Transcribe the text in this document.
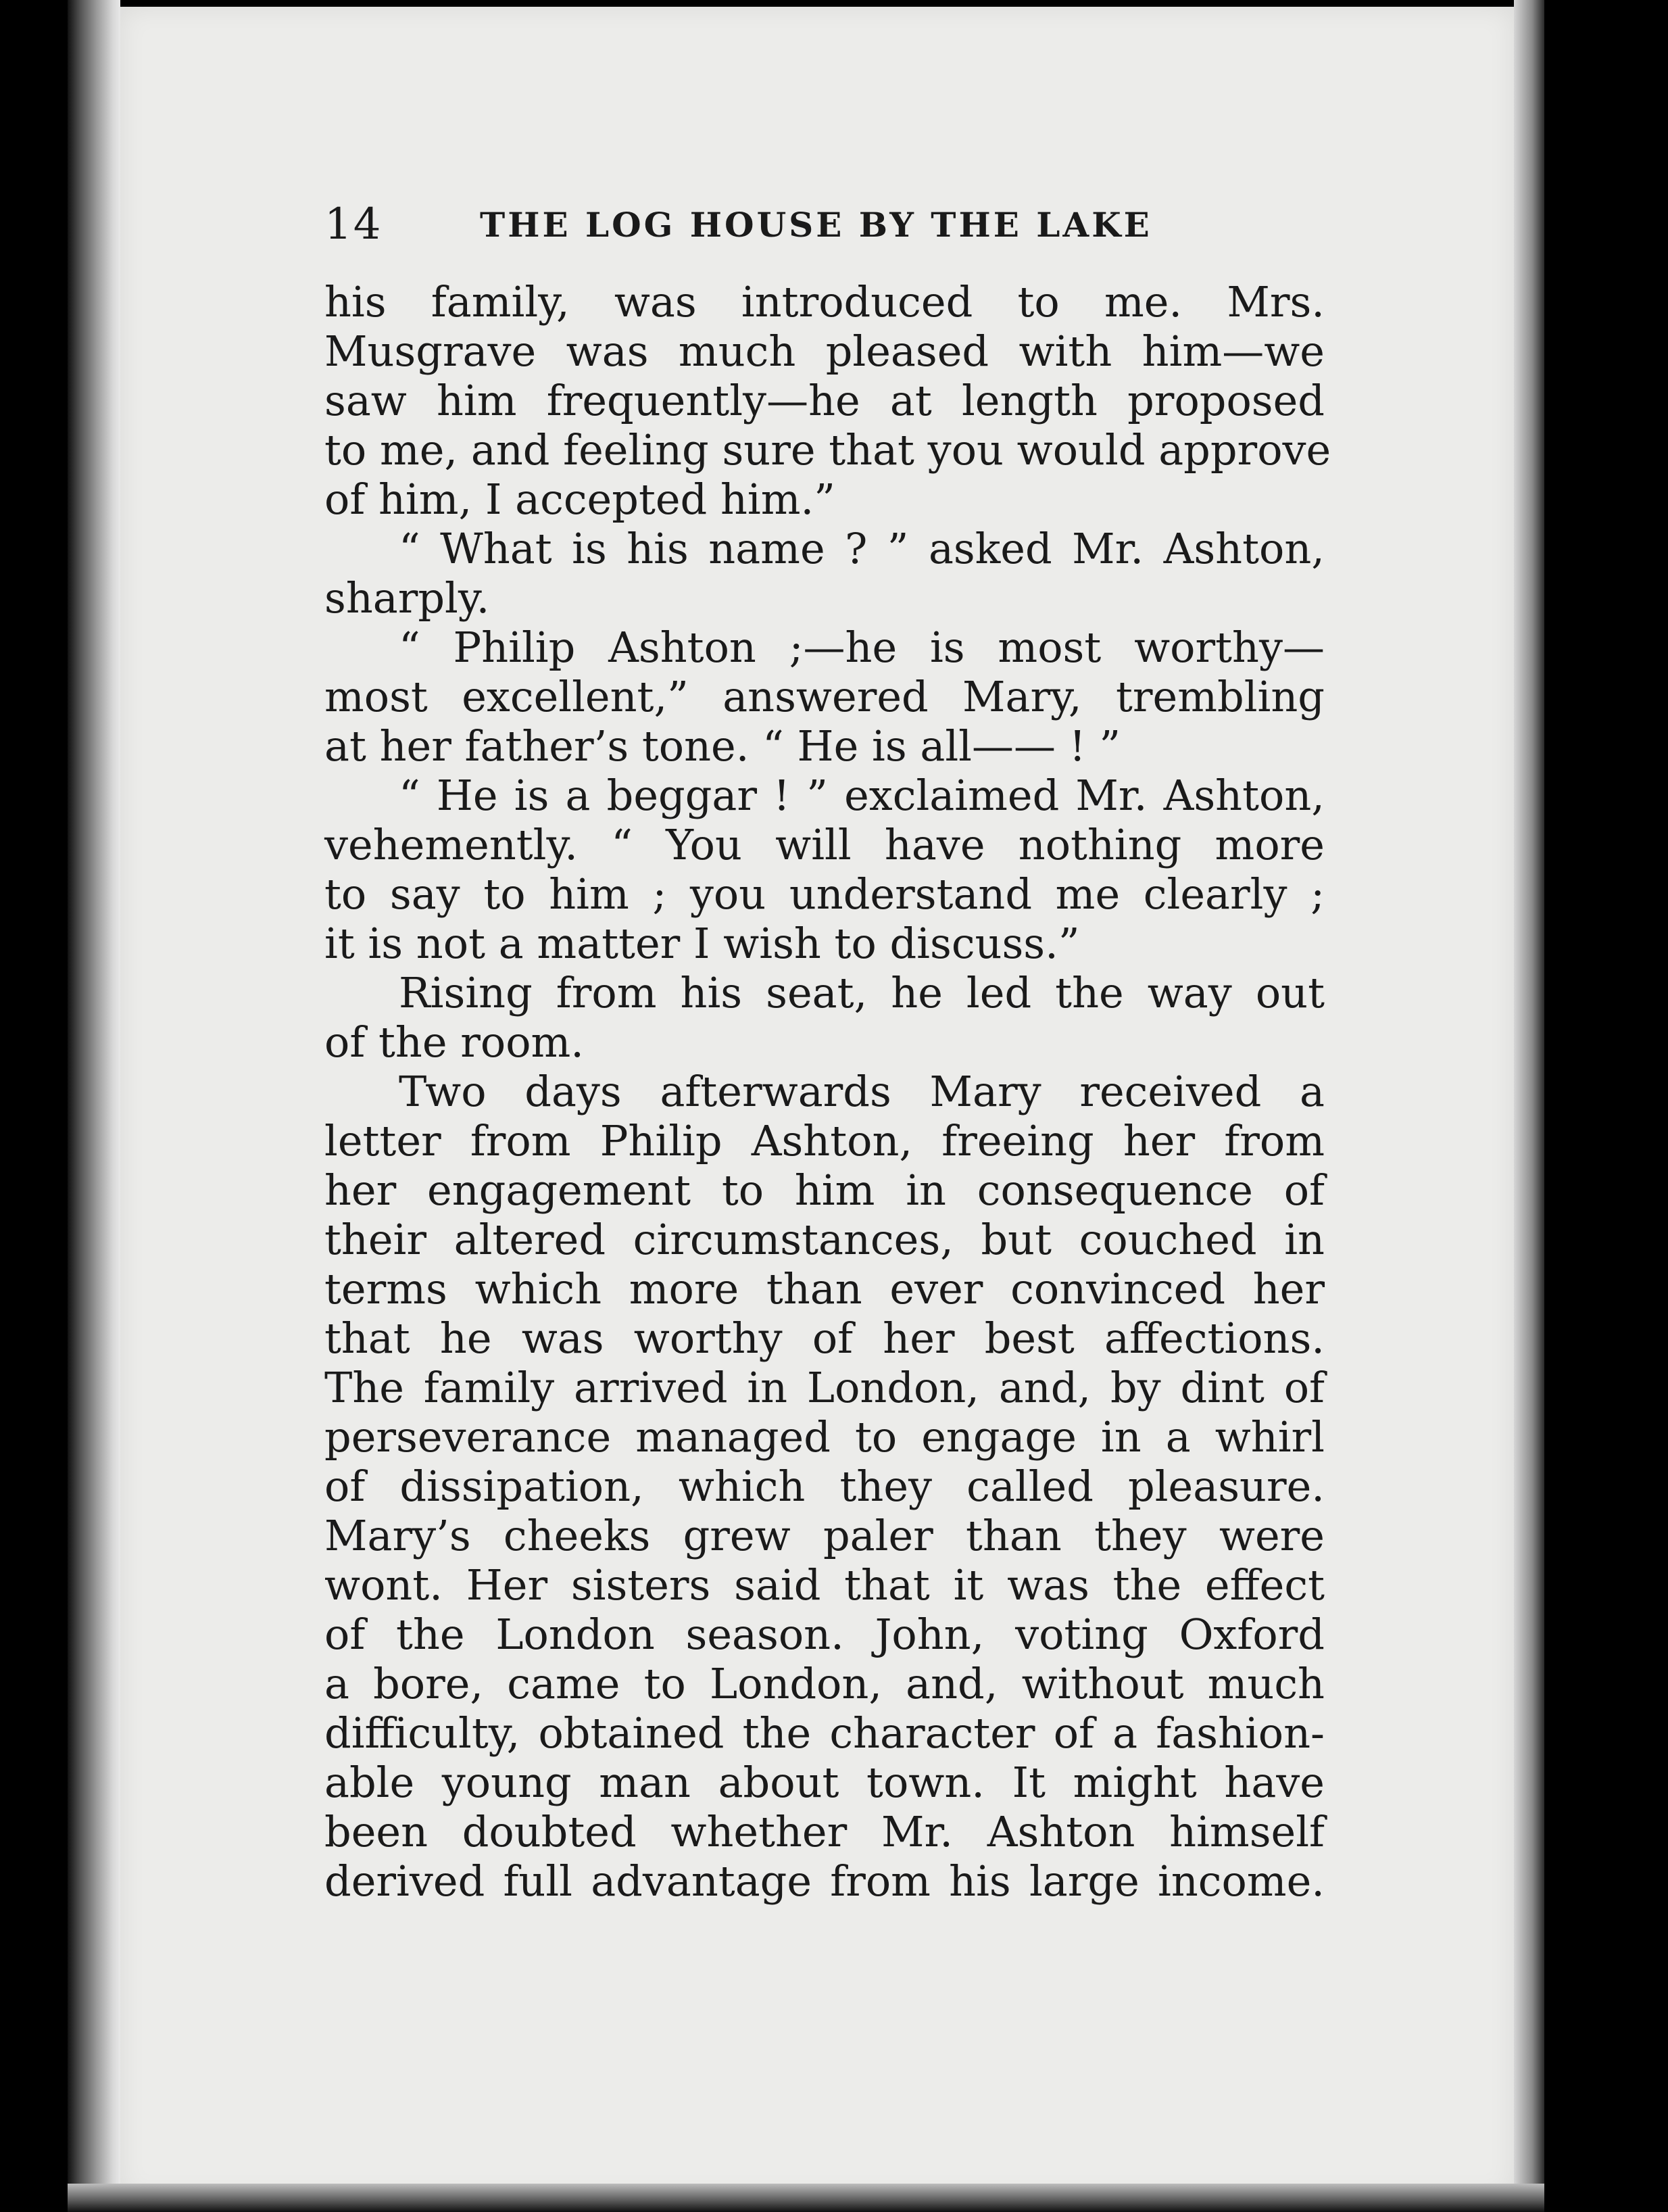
14	THE LOG HOUSE BY THE LAKE
his family, was introduced to me. Mrs.
Musgrave was much pleased with him—we
saw him frequently—he at length proposed
to me, and feeling sure that you would approve
of him, I accepted him.”
“ What is his name ? ” asked Mr. Ashton,
sharply.
“ Philip Ashton ;—he is most worthy—
most excellent,” answered Mary, trembling
at her father’s tone. “ He is all—— ! ”
“ He is a beggar ! ” exclaimed Mr. Ashton,
vehemently. “ You will have nothing more
to say to him ; you understand me clearly ;
it is not a matter I wish to discuss.”
Rising from his seat, he led the way out
of the room.
Two days afterwards Mary received a
letter from Philip Ashton, freeing her from
her engagement to him in consequence of
their altered circumstances, but couched in
terms which more than ever convinced her
that he was worthy of her best affections.
The family arrived in London, and, by dint of
perseverance managed to engage in a whirl
of dissipation, which they called pleasure.
Mary’s cheeks grew paler than they were
wont. Her sisters said that it was the effect
of the London season. John, voting Oxford
a bore, came to London, and, without much
difficulty, obtained the character of a fashion-
able young man about town. It might have
been doubted whether Mr. Ashton himself
derived full advantage from his large income.
